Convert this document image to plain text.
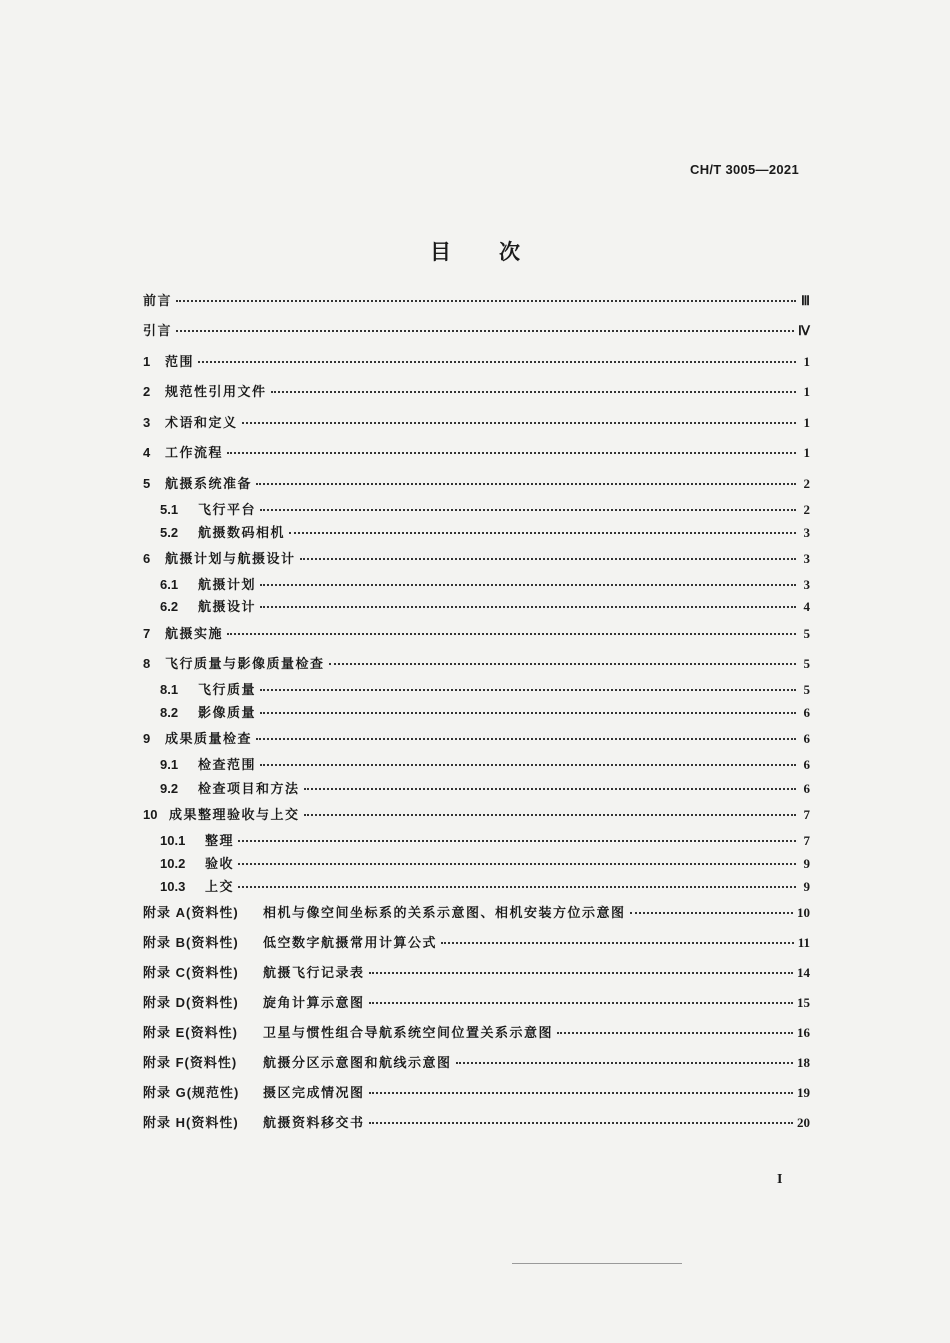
CH/T 3005—2021
目 次
前言	Ⅲ
引言	Ⅳ
1	范围	1
2	规范性引用文件	1
3	术语和定义	1
4	工作流程	1
5	航摄系统准备	2
5.1	飞行平台	2
5.2	航摄数码相机	3
6	航摄计划与航摄设计	3
6.1	航摄计划	3
6.2	航摄设计	4
7	航摄实施	5
8	飞行质量与影像质量检查	5
8.1	飞行质量	5
8.2	影像质量	6
9	成果质量检查	6
9.1	检查范围	6
9.2	检查项目和方法	6
10 成果整理验收与上交	7
10.1	整理	7
10.2	验收	9
10.3	上交	9
附录 A(资料性)	相机与像空间坐标系的关系示意图、相机安装方位示意图	10
附录 B(资料性)	低空数字航摄常用计算公式	11
附录 C(资料性)	航摄飞行记录表	14
附录 D(资料性)	旋角计算示意图	15
附录 E(资料性)	卫星与惯性组合导航系统空间位置关系示意图	16
附录 F(资料性)	航摄分区示意图和航线示意图	18
附录 G(规范性)	摄区完成情况图	19
附录 H(资料性)	航摄资料移交书	20
I
